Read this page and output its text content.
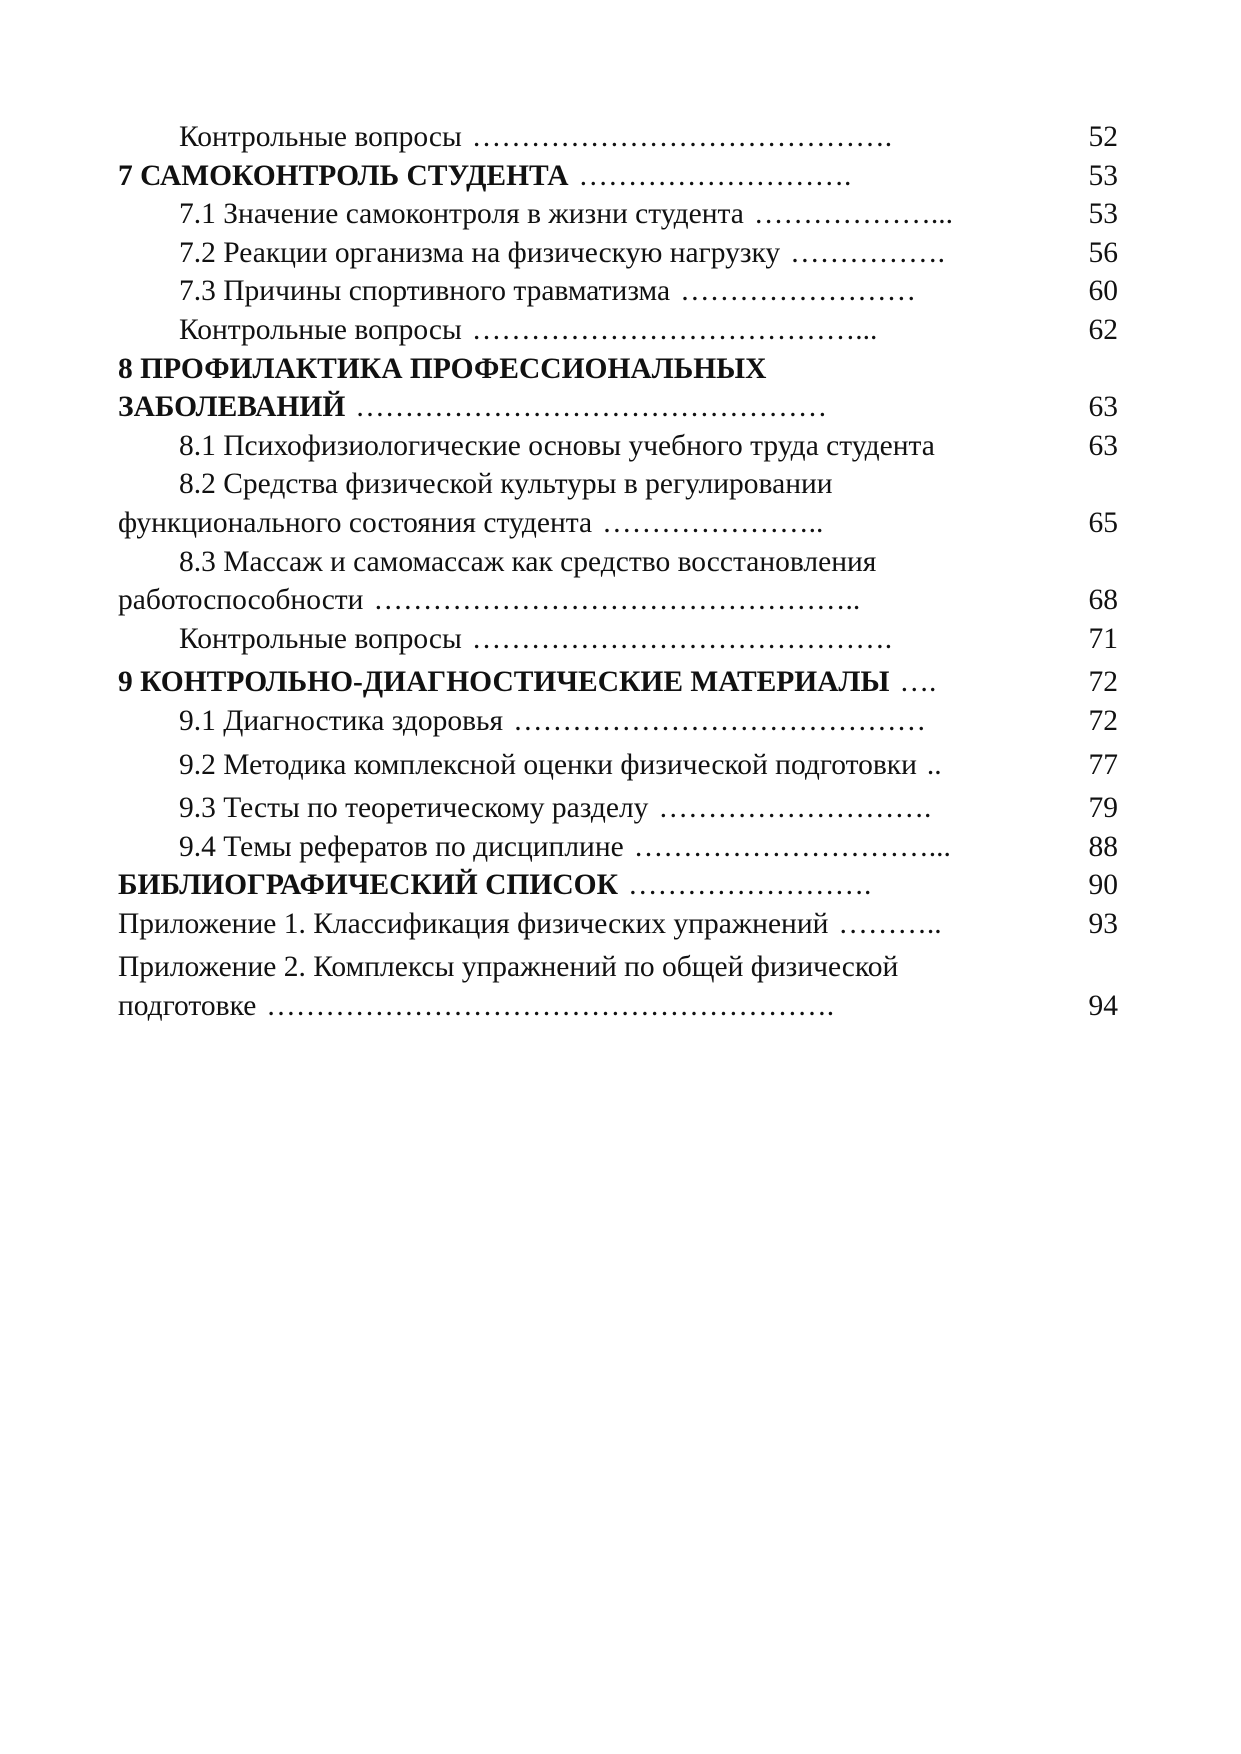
Контрольные вопросы …………………………………….	52
7 САМОКОНТРОЛЬ СТУДЕНТА ……………………….	53
7.1 Значение самоконтроля в жизни студента ………………...	53
7.2 Реакции организма на физическую нагрузку …………….	56
7.3 Причины спортивного травматизма ……………………	60
Контрольные вопросы …………………………………...	62
8 ПРОФИЛАКТИКА ПРОФЕССИОНАЛЬНЫХ
ЗАБОЛЕВАНИЙ …………………………………………	63
8.1 Психофизиологические основы учебного труда студента	63
8.2 Средства физической культуры в регулировании
функционального состояния студента …………………..	65
8.3 Массаж и самомассаж как средство восстановления
работоспособности …………………………………………..	68
Контрольные вопросы …………………………………….	71
9 КОНТРОЛЬНО-ДИАГНОСТИЧЕСКИЕ МАТЕРИАЛЫ ….	72
9.1 Диагностика здоровья ……………………………………	72
9.2 Методика комплексной оценки физической подготовки ..	77
9.3 Тесты по теоретическому разделу ……………………….	79
9.4 Темы рефератов по дисциплине …………………………...	88
БИБЛИОГРАФИЧЕСКИЙ СПИСОК …………………….	90
Приложение 1. Классификация физических упражнений ………..	93
Приложение 2. Комплексы упражнений по общей физической
подготовке ………………………………………………….	94
